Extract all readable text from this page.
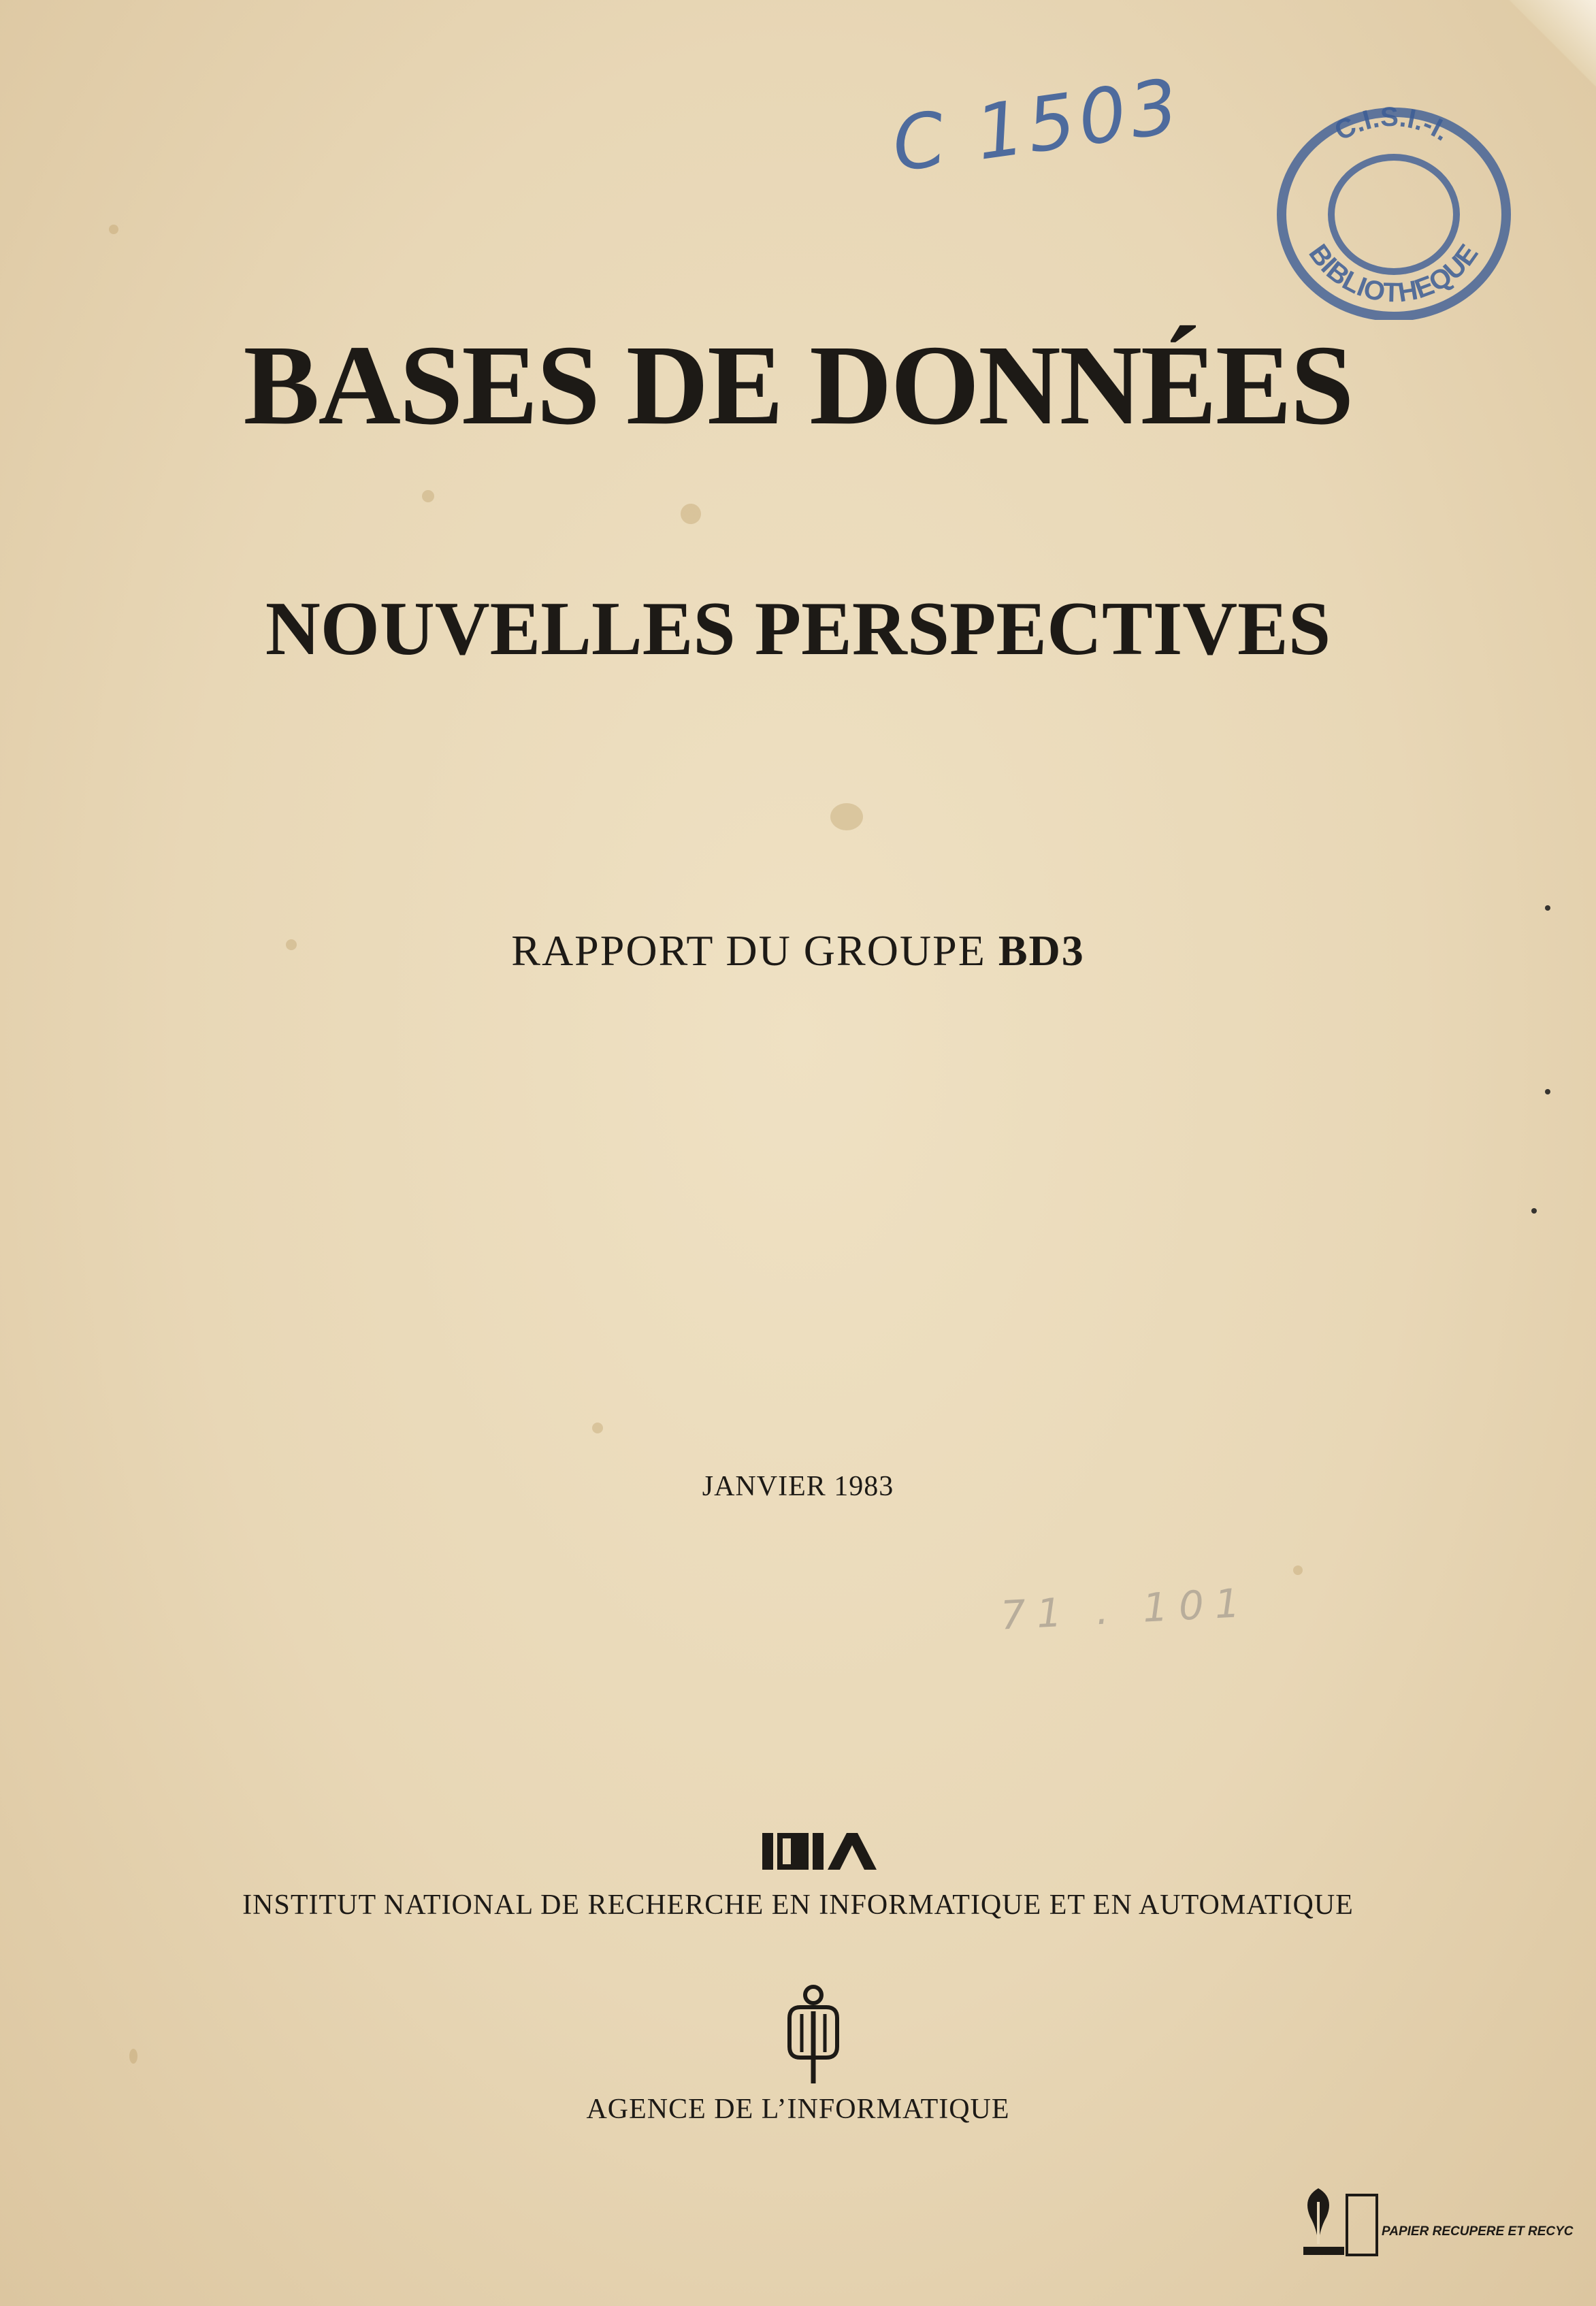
C 1503	C.I.S.I.-I.
BIBLIOTHEQUE
BASES DE DONNÉES
NOUVELLES PERSPECTIVES
RAPPORT DU GROUPE BD3
JANVIER 1983
71 . 101
INSTITUT NATIONAL DE RECHERCHE EN INFORMATIQUE ET EN AUTOMATIQUE
AGENCE DE L’INFORMATIQUE
PAPIER RECUPERE ET RECYC
